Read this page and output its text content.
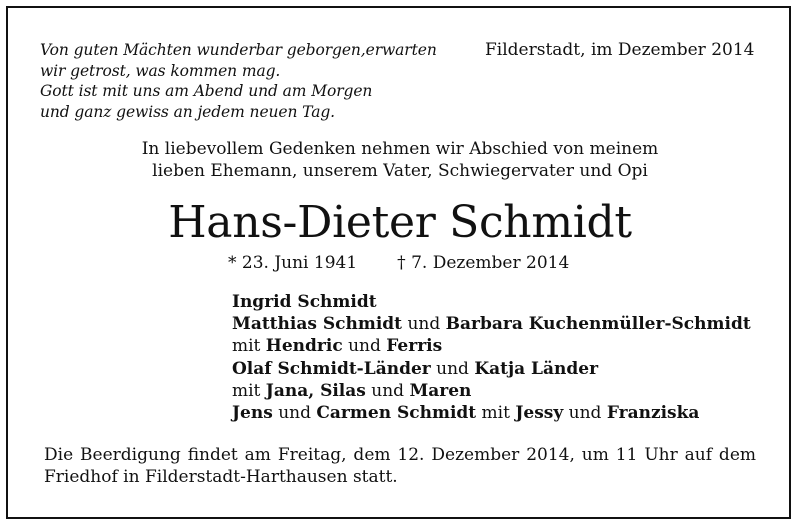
Von guten Mächten wunderbar geborgen,erwarten
wir getrost, was kommen mag.
Gott ist mit uns am Abend und am Morgen
und ganz gewiss an jedem neuen Tag.
Filderstadt, im Dezember 2014
In liebevollem Gedenken nehmen wir Abschied von meinem
lieben Ehemann, unserem Vater, Schwiegervater und Opi
Hans-Dieter Schmidt
* 23. Juni 1941 † 7. Dezember 2014
Ingrid Schmidt
Matthias Schmidt und Barbara Kuchenmüller-Schmidt
mit Hendric und Ferris
Olaf Schmidt-Länder und Katja Länder
mit Jana, Silas und Maren
Jens und Carmen Schmidt mit Jessy und Franziska
Die Beerdigung findet am Freitag, dem 12. Dezember 2014, um 11 Uhr auf dem
Friedhof in Filderstadt-Harthausen statt.
